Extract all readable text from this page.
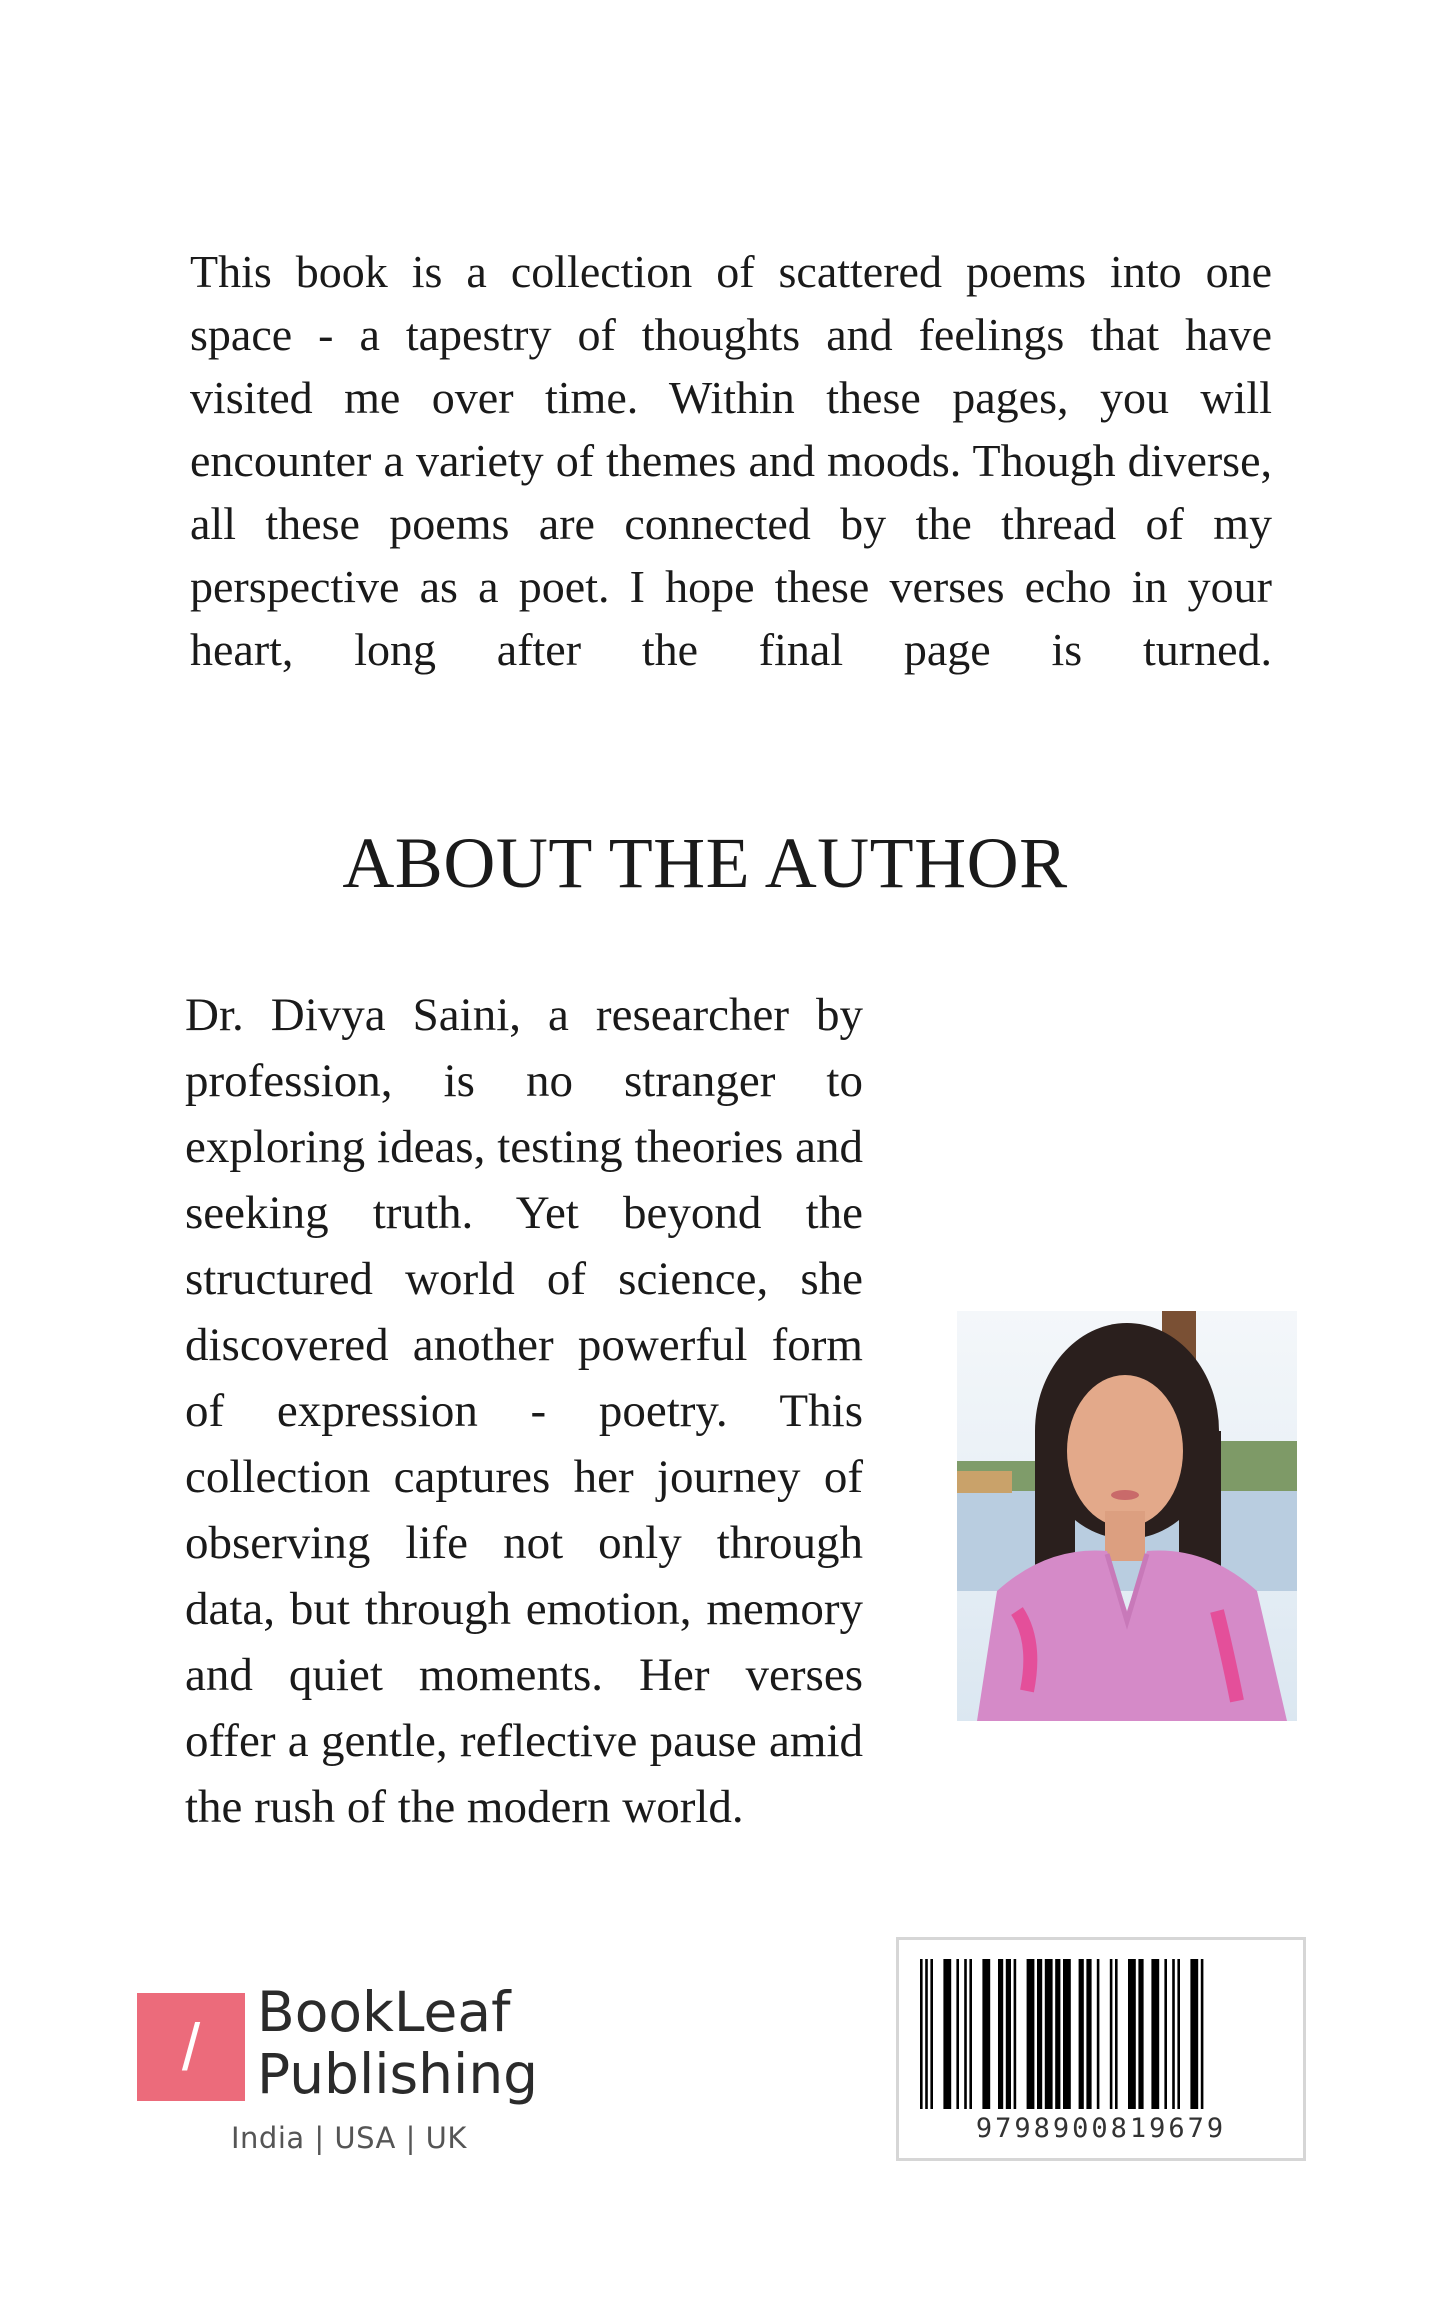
This book is a collection of scattered poems into one space - a tapestry of thoughts and feelings that have visited me over time. Within these pages, you will encounter a variety of themes and moods. Though diverse, all these poems are connected by the thread of my perspective as a poet. I hope these verses echo in your heart, long after the final page is turned.

ABOUT THE AUTHOR

Dr. Divya Saini, a researcher by profession, is no stranger to exploring ideas, testing theories and seeking truth. Yet beyond the structured world of science, she discovered another powerful form of expression - poetry. This collection captures her journey of observing life not only through data, but through emotion, memory and quiet moments. Her verses offer a gentle, reflective pause amid the rush of the modern world.

/	BookLeaf
Publishing
India | USA | UK	9798900819679
